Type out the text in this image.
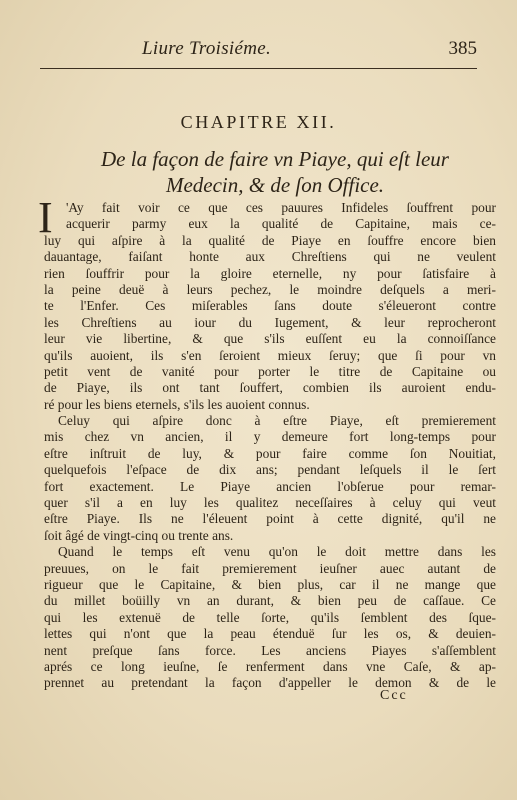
Liure Troisiéme.	385
CHAPITRE XII.
De la façon de faire vn Piaye, qui eſt leur
Medecin, & de ſon Office.
I 'Ay fait voir ce que ces pauures Infideles ſouffrent pour
acquerir parmy eux la qualité de Capitaine, mais ce-
luy qui aſpire à la qualité de Piaye en ſouffre encore bien
dauantage, faiſant honte aux Chreſtiens qui ne veulent
rien ſouffrir pour la gloire eternelle, ny pour ſatisfaire à
la peine deuë à leurs pechez, le moindre deſquels a meri-
te l'Enfer. Ces miſerables ſans doute s'éleueront contre
les Chreſtiens au iour du Iugement, & leur reprocheront
leur vie libertine, & que s'ils euſſent eu la connoiſſance
qu'ils auoient, ils s'en ſeroient mieux ſeruy; que ſi pour vn
petit vent de vanité pour porter le titre de Capitaine ou
de Piaye, ils ont tant ſouffert, combien ils auroient endu-
ré pour les biens eternels, s'ils les auoient connus.
Celuy qui aſpire donc à eſtre Piaye, eſt premierement
mis chez vn ancien, il y demeure fort long-temps pour
eſtre inſtruit de luy, & pour faire comme ſon Nouitiat,
quelquefois l'eſpace de dix ans; pendant leſquels il le ſert
fort exactement. Le Piaye ancien l'obſerue pour remar-
quer s'il a en luy les qualitez neceſſaires à celuy qui veut
eſtre Piaye. Ils ne l'éleuent point à cette dignité, qu'il ne
ſoit âgé de vingt-cinq ou trente ans.
Quand le temps eſt venu qu'on le doit mettre dans les
preuues, on le fait premierement ieuſner auec autant de
rigueur que le Capitaine, & bien plus, car il ne mange que
du millet boüilly vn an durant, & bien peu de caſſaue. Ce
qui les extenuë de telle ſorte, qu'ils ſemblent des ſque-
lettes qui n'ont que la peau étenduë ſur les os, & deuien-
nent preſque ſans force. Les anciens Piayes s'aſſemblent
aprés ce long ieuſne, ſe renferment dans vne Caſe, & ap-
prennet au pretendant la façon d'appeller le demon & de le
Ccc
